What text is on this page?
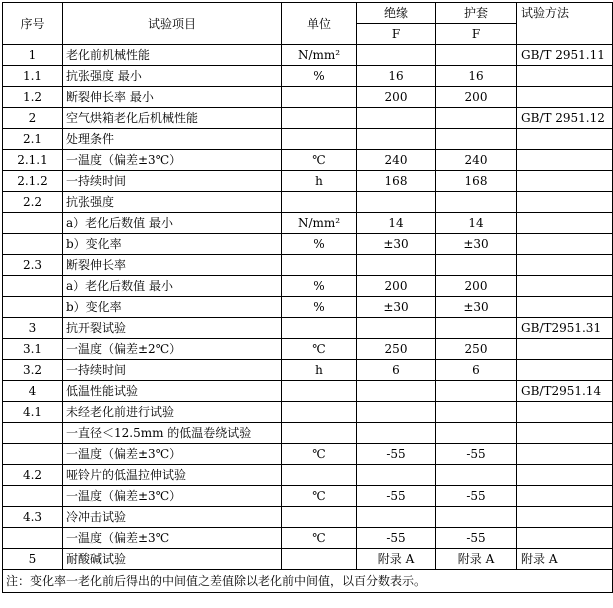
序号	试验项目	单位	绝缘	护套	试验方法
			F	F	
1	老化前机械性能	N/mm²			GB/T 2951.11
1.1	抗张强度 最小	%	16	16	
1.2	断裂伸长率 最小		200	200	
2	空气烘箱老化后机械性能				GB/T 2951.12
2.1	处理条件				
2.1.1	一温度（偏差±3℃）	℃	240	240	
2.1.2	一持续时间	h	168	168	
2.2	抗张强度				
	a）老化后数值 最小	N/mm²	14	14	
	b）变化率	%	±30	±30	
2.3	断裂伸长率				
	a）老化后数值 最小	%	200	200	
	b）变化率	%	±30	±30	
3	抗开裂试验				GB/T2951.31
3.1	一温度（偏差±2℃）	℃	250	250	
3.2	一持续时间	h	6	6	
4	低温性能试验				GB/T2951.14
4.1	未经老化前进行试验				
	一直径＜12.5mm 的低温卷绕试验				
	一温度（偏差±3℃）	℃	-55	-55	
4.2	哑铃片的低温拉伸试验				
	一温度（偏差±3℃）	℃	-55	-55	
4.3	冷冲击试验				
	一温度（偏差±3℃	℃	-55	-55	
5	耐酸碱试验		附录 A	附录 A	附录 A
注：变化率一老化前后得出的中间值之差值除以老化前中间值，以百分数表示。					
